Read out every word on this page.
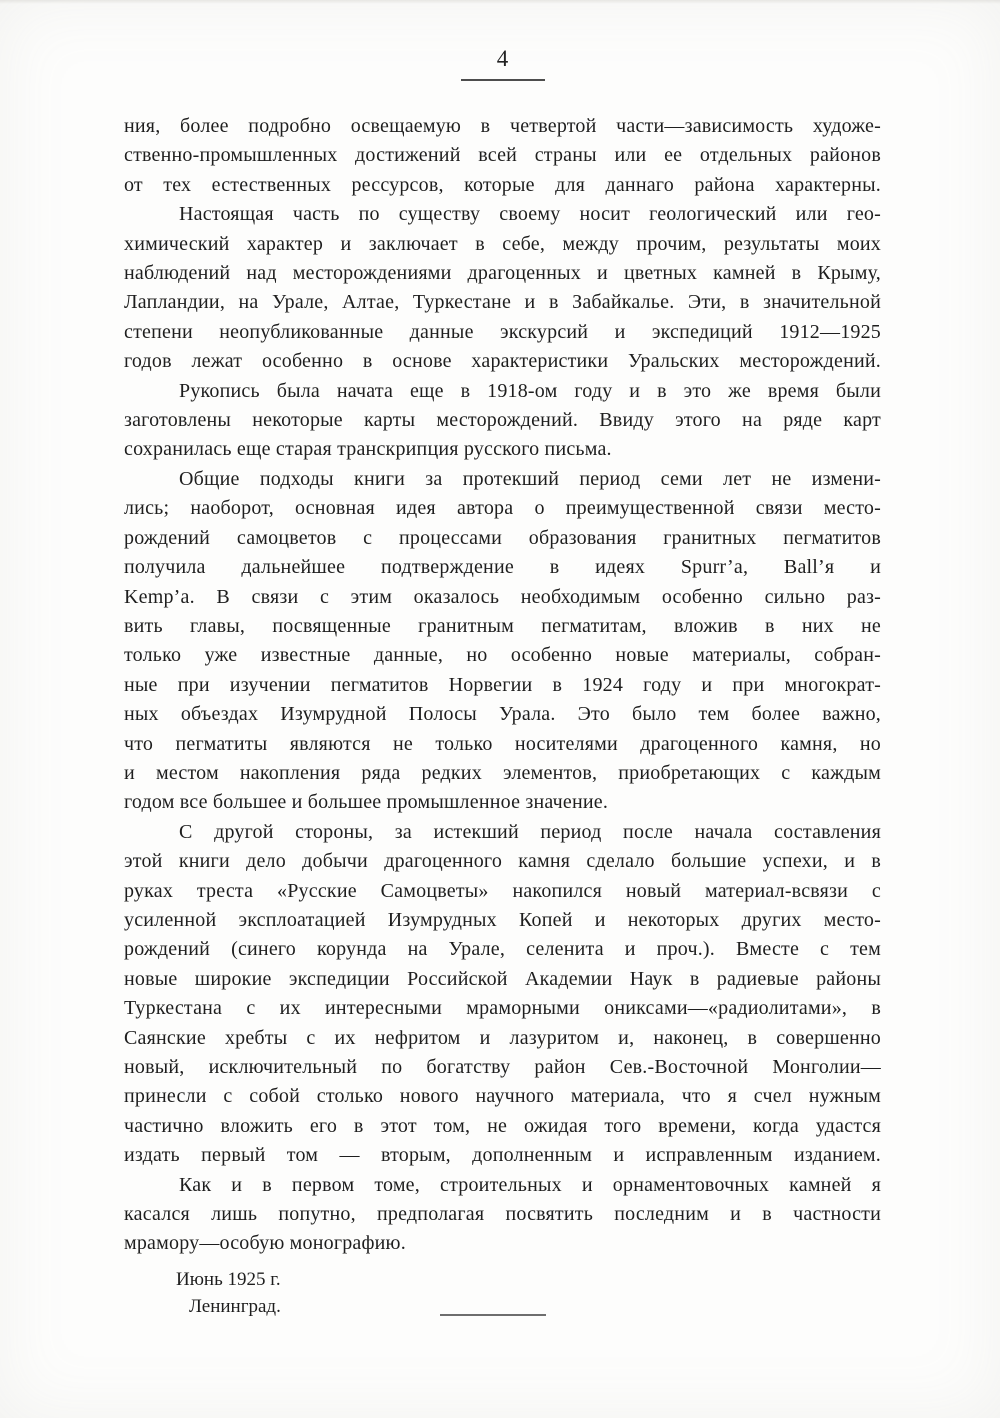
4
ния, более подробно освещаемую в четвертой части—зависимость художе-
ственно-промышленных достижений всей страны или ее отдельных районов
от тех естественных рессурсов, которые для даннаго района характерны.
Настоящая часть по существу своему носит геологический или гео-
химический характер и заключает в себе, между прочим, результаты моих
наблюдений над месторождениями драгоценных и цветных камней в Крыму,
Лапландии, на Урале, Алтае, Туркестане и в Забайкалье. Эти, в значительной
степени неопубликованные данные экскурсий и экспедиций 1912—1925
годов лежат особенно в основе характеристики Уральских месторождений.
Рукопись была начата еще в 1918-ом году и в это же время были
заготовлены некоторые карты месторождений. Ввиду этого на ряде карт
сохранилась еще старая транскрипция русского письма.
Общие подходы книги за протекший период семи лет не измени-
лись; наоборот, основная идея автора о преимущественной связи место-
рождений самоцветов с процессами образования гранитных пегматитов
получила дальнейшее подтверждение в идеях Spurr’а, Ball’я и
Kemp’а. В связи с этим оказалось необходимым особенно сильно раз-
вить главы, посвященные гранитным пегматитам, вложив в них не
только уже известные данные, но особенно новые материалы, собран-
ные при изучении пегматитов Норвегии в 1924 году и при многократ-
ных объездах Изумрудной Полосы Урала. Это было тем более важно,
что пегматиты являются не только носителями драгоценного камня, но
и местом накопления ряда редких элементов, приобретающих с каждым
годом все большее и большее промышленное значение.
С другой стороны, за истекший период после начала составления
этой книги дело добычи драгоценного камня сделало большие успехи, и в
руках треста «Русские Самоцветы» накопился новый материал-всвязи с
усиленной эксплоатацией Изумрудных Копей и некоторых других место-
рождений (синего корунда на Урале, селенита и проч.). Вместе с тем
новые широкие экспедиции Российской Академии Наук в радиевые районы
Туркестана с их интересными мраморными ониксами—«радиолитами», в
Саянские хребты с их нефритом и лазуритом и, наконец, в совершенно
новый, исключительный по богатству район Сев.-Восточной Монголии—
принесли с собой столько нового научного материала, что я счел нужным
частично вложить его в этот том, не ожидая того времени, когда удастся
издать первый том — вторым, дополненным и исправленным изданием.
Как и в первом томе, строительных и орнаментовочных камней я
касался лишь попутно, предполагая посвятить последним и в частности
мрамору—особую монографию.
Июнь 1925 г.
Ленинград.
